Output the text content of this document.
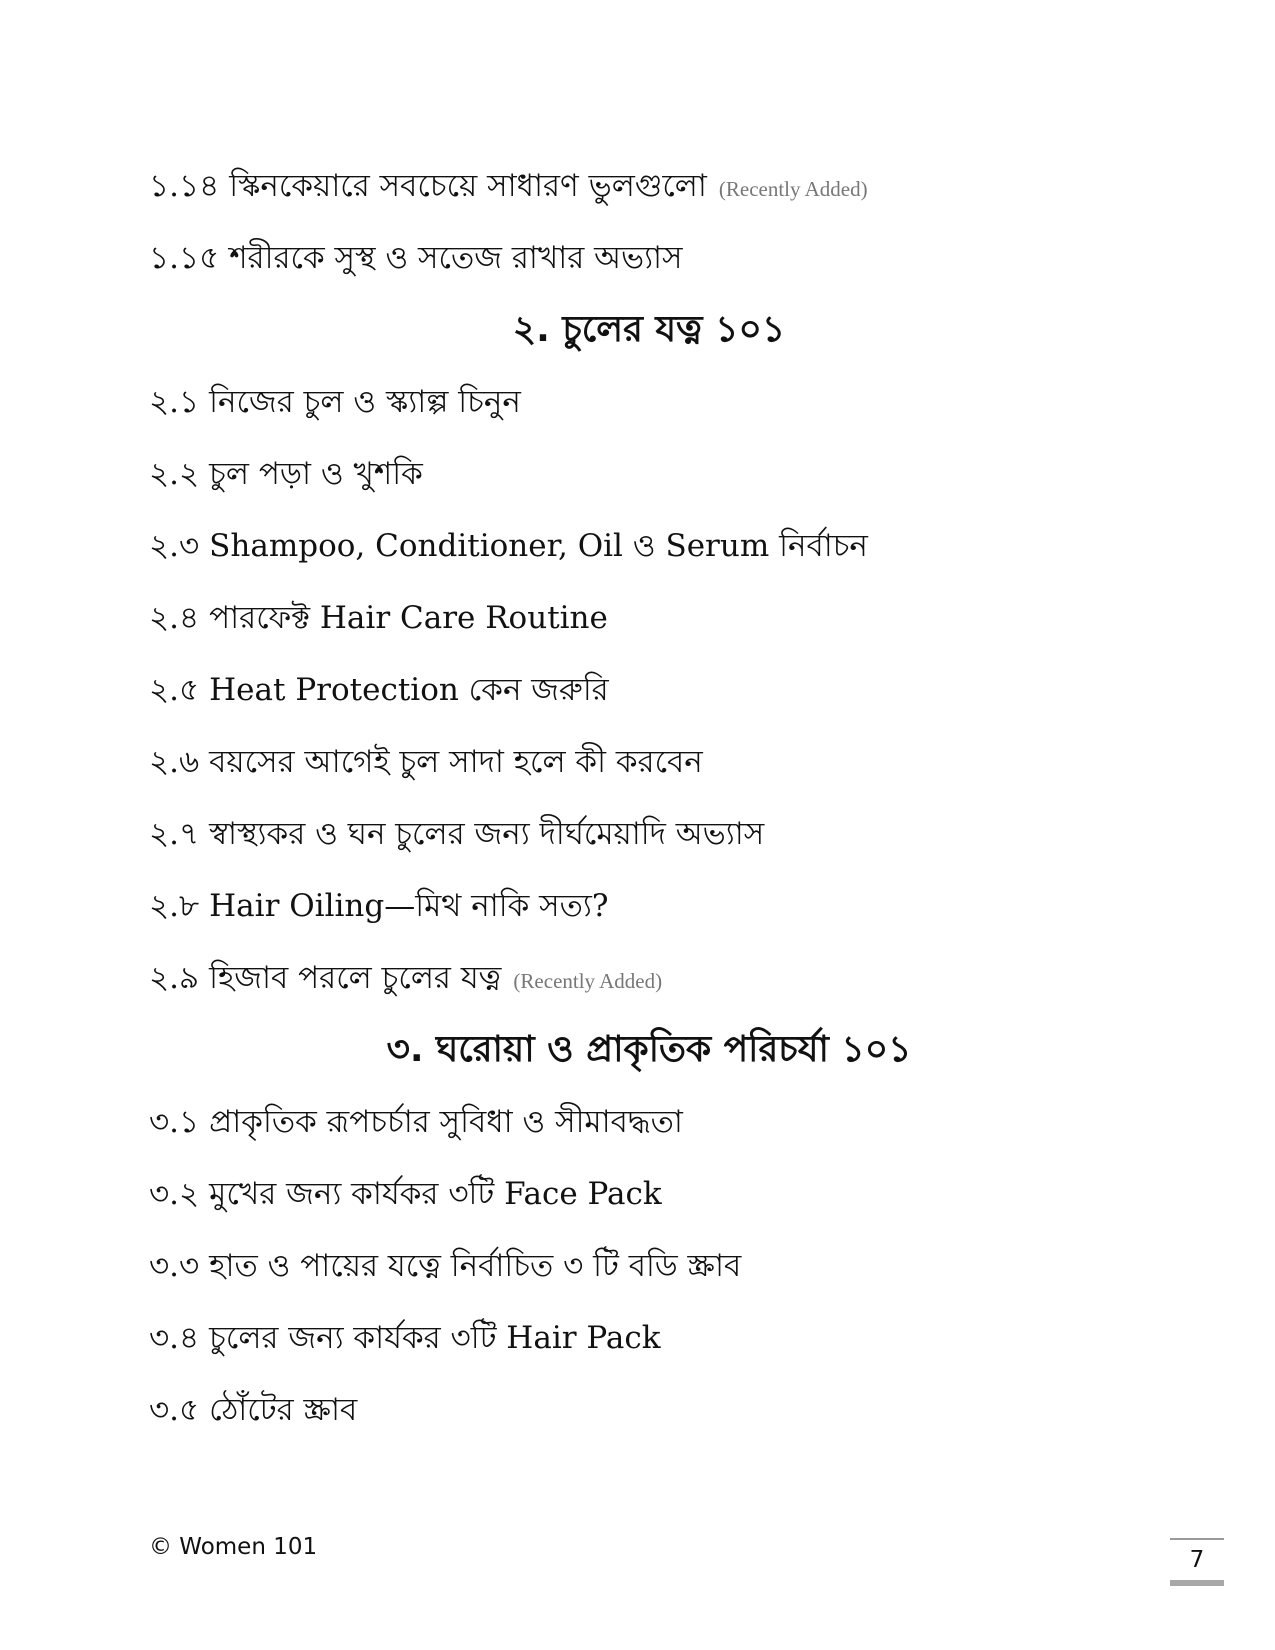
১.১৪ স্কিনকেয়ারে সবচেয়ে সাধারণ ভুলগুলো (Recently Added)
১.১৫ শরীরকে সুস্থ ও সতেজ রাখার অভ্যাস
২. চুলের যত্ন ১০১
২.১ নিজের চুল ও স্ক্যাল্প চিনুন
২.২ চুল পড়া ও খুশকি
২.৩ Shampoo, Conditioner, Oil ও Serum নির্বাচন
২.৪ পারফেক্ট Hair Care Routine
২.৫ Heat Protection কেন জরুরি
২.৬ বয়সের আগেই চুল সাদা হলে কী করবেন
২.৭ স্বাস্থ্যকর ও ঘন চুলের জন্য দীর্ঘমেয়াদি অভ্যাস
২.৮ Hair Oiling—মিথ নাকি সত্য?
২.৯ হিজাব পরলে চুলের যত্ন (Recently Added)
৩. ঘরোয়া ও প্রাকৃতিক পরিচর্যা ১০১
৩.১ প্রাকৃতিক রূপচর্চার সুবিধা ও সীমাবদ্ধতা
৩.২ মুখের জন্য কার্যকর ৩টি Face Pack
৩.৩ হাত ও পায়ের যত্নে নির্বাচিত ৩ টি বডি স্ক্রাব
৩.৪ চুলের জন্য কার্যকর ৩টি Hair Pack
৩.৫ ঠোঁটের স্ক্রাব
© Women 101	7
